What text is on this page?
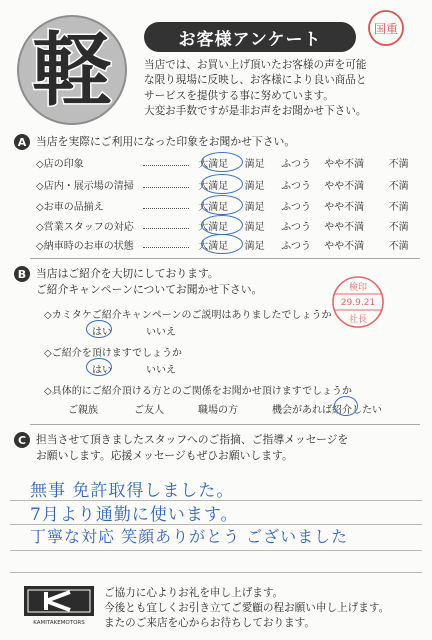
軽	お客様アンケート
国重
当店では、お買い上げ頂いたお客様の声を可能
な限り現場に反映し、お客様により良い商品と
サービスを提供する事に努めています。
大変お手数ですが是非お声をお聞かせ下さい。
A 当店を実際にご利用になった印象をお聞かせ下さい。
◇店の印象	大満足	満足	ふつう	やや不満	不満
◇店内・展示場の清掃	大満足	満足	ふつう	やや不満	不満
◇お車の品揃え	大満足	満足	ふつう	やや不満	不満
◇営業スタッフの対応	大満足	満足	ふつう	やや不満	不満
◇納車時のお車の状態	大満足	満足	ふつう	やや不満	不満
B 当店はご紹介を大切にしております。
ご紹介キャンペーンについてお聞かせ下さい。
◇カミタケご紹介キャンペーンのご説明はありましたでしょうか
はい	いいえ
◇ご紹介を頂けますでしょうか
はい	いいえ
◇具体的にご紹介頂ける方とのご関係をお聞かせ頂けますでしょうか
ご親族	ご友人	職場の方	機会があれば紹介したい
検印
29.9.21
社長
C 担当させて頂きましたスタッフへのご指摘、ご指導メッセージを
お願いします。応援メッセージもぜひお願いします。
無事 免許取得しました。
7月より通勤に使います。
丁寧な対応 笑顔ありがとう ございました
KAMITAKEMOTORS
ご協力に心よりお礼を申し上げます。
今後とも宜しくお引き立てご愛顧の程お願い申し上げます。
またのご来店を心からお待ちしております。
